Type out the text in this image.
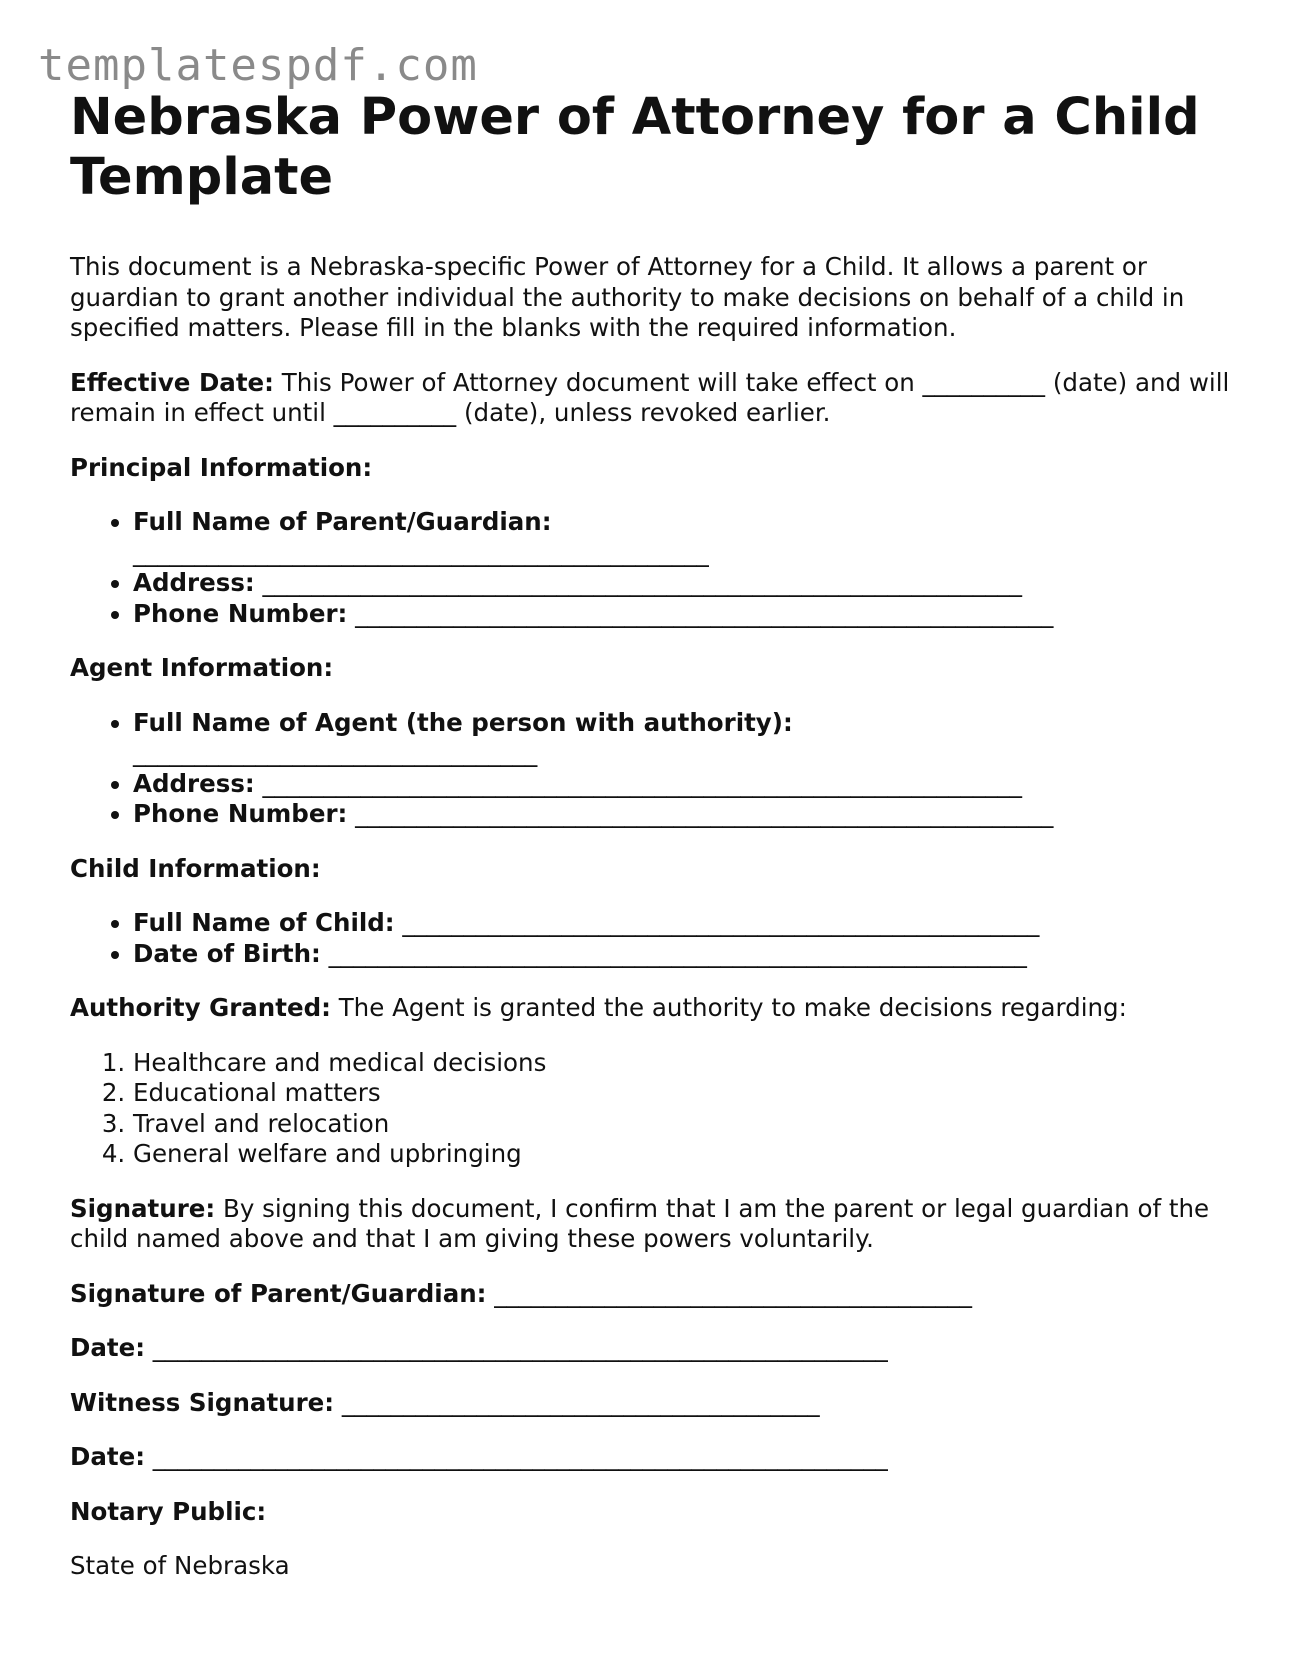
templatespdf.com
Nebraska Power of Attorney for a Child Template

This document is a Nebraska-specific Power of Attorney for a Child. It allows a parent or guardian to grant another individual the authority to make decisions on behalf of a child in specified matters. Please fill in the blanks with the required information.

Effective Date: This Power of Attorney document will take effect on __________ (date) and will remain in effect until __________ (date), unless revoked earlier.

Principal Information:

• Full Name of Parent/Guardian:
_______________________________________________
• Address: ______________________________________________________________
• Phone Number: _________________________________________________________

Agent Information:

• Full Name of Agent (the person with authority):
_________________________________
• Address: ______________________________________________________________
• Phone Number: _________________________________________________________

Child Information:

• Full Name of Child: ____________________________________________________
• Date of Birth: _________________________________________________________

Authority Granted: The Agent is granted the authority to make decisions regarding:

1. Healthcare and medical decisions
2. Educational matters
3. Travel and relocation
4. General welfare and upbringing

Signature: By signing this document, I confirm that I am the parent or legal guardian of the child named above and that I am giving these powers voluntarily.

Signature of Parent/Guardian: _______________________________________

Date: ____________________________________________________________

Witness Signature: _______________________________________

Date: ____________________________________________________________

Notary Public:

State of Nebraska
